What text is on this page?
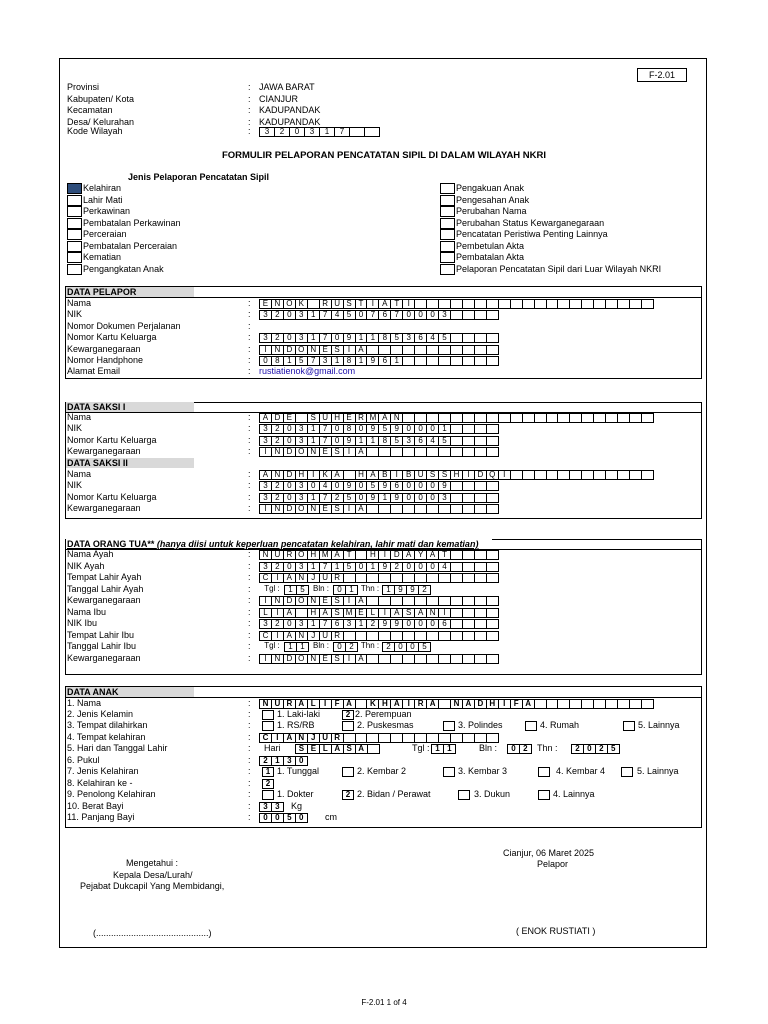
F-2.01
Provinsi	: JAWA BARAT
Kabupaten/ Kota	: CIANJUR
Kecamatan	: KADUPANDAK
Desa/ Kelurahan	: KADUPANDAK
FORMULIR PELAPORAN PENCATATAN SIPIL DI DALAM WILAYAH NKRI
Jenis Pelaporan Pencatatan Sipil
Kelahiran
Lahir Mati
Perkawinan
Pembatalan Perkawinan
Perceraian
Pembatalan Perceraian
Kematian
Pengangkatan Anak
Pengakuan Anak
Pengesahan Anak
Perubahan Nama
Perubahan Status Kewarganegaraan
Pencatatan Peristiwa Penting Lainnya
Pembetulan Akta
Pembatalan Akta
Pelaporan Pencatatan Sipil dari Luar Wilayah NKRI
Kode Wilayah	:	3	2	0	3	1	7
DATA PELAPOR
Nama	:	E N O K	R U S T	I	A T	I
NIK	:	3 2 0 3 1 7 4 5 0 7 6 7 0 0 0 3
Nomor Dokumen Perjalanan	:
Nomor Kartu Keluarga	:	3 2 0 3 1 7 0 9 1 1 8 5 3 6 4 5
Kewarganegaraan	:	I N D O N E S	I	A
Nomor Handphone	:	0 8 1 5 7 3 1 8 1 9 6 1
Alamat Email	: rustiatienok@gmail.com
DATA SAKSI I
Nama	:	A D E	S U H E R M A N
NIK	:	3 2 0 3 1 7 0 8 0 9 5 9 0 0 0 1
Nomor Kartu Keluarga	:	3 2 0 3 1 7 0 9 1 1 8 5 3 6 4 5
Kewarganegaraan	:	I N D O N E S	I	A
DATA SAKSI II
Nama	:	A N D H I	K A	H A B	I	B U S S H I D Q I
NIK	:	3 2 0 3 0 4 0 9 0 5 9 6 0 0 0 9
Nomor Kartu Keluarga	:	3 2 0 3 1 7 2 5 0 9 1 9 0 0 0 3
Kewarganegaraan	:	I N D O N E S	I	A
DATA ORANG TUA** (hanya diisi untuk keperluan pencatatan kelahiran, lahir mati dan kematian)
Nama Ayah	:	N U R O H M A T	H I D A Y A T
NIK Ayah	:	3 2 0 3 1 7 1 5 0 1 9 2 0 0 0 4
Tempat Lahir Ayah	:	C I	A N J U R
Tanggal Lahir Ayah	:	Tgl :	1 5	Bln :	0 1 Thn : 1 9 9 2
Kewarganegaraan	:	I N D O N E S	I	A
Nama Ibu	:	L	I	A	H A S M E L	I	A S A N I
NIK Ibu	:	3 2 0 3 1 7 6 3 1 2 9 9 0 0 0 6
Tempat Lahir Ibu	:	C I	A N J U R
Tanggal Lahir Ibu	:	Tgl :	1 1	Bln :	0 2 Thn : 2 0 0 5
Kewarganegaraan	:	I N D O N E S	I	A
DATA ANAK
1. Nama	:	N U R A L	I	F A	K H A I R A	N A D H I	F A
2. Jenis Kelamin	:	1. Laki-laki	2 2. Perempuan
3. Tempat dilahirkan	:	1. RS/RB	2. Puskesmas	3. Polindes	4. Rumah	5. Lainnya
4. Tempat kelahiran	:	C I A N J U R
5. Hari dan Tanggal Lahir	: Hari	S E L A S A	Tgl : 1 1	Bln :	0 2	Thn :	2 0 2 5
6. Pukul	:	2 1 3 0
7. Jenis Kelahiran	:	1 1. Tunggal	2. Kembar 2	3. Kembar 3	4. Kembar 4	5. Lainnya
8. Kelahiran ke -	:	2
9. Penolong Kelahiran	:	1. Dokter	2 2. Bidan / Perawat	3. Dukun	4. Lainnya
10. Berat Bayi	:	3 3	Kg
11. Panjang Bayi	:	0 0 5 0	cm
Cianjur, 06 Maret 2025
Pelapor
Mengetahui :
Kepala Desa/Lurah/
Pejabat Dukcapil Yang Membidangi,
(.............................................)	( ENOK RUSTIATI )
F-2.01 1 of 4
